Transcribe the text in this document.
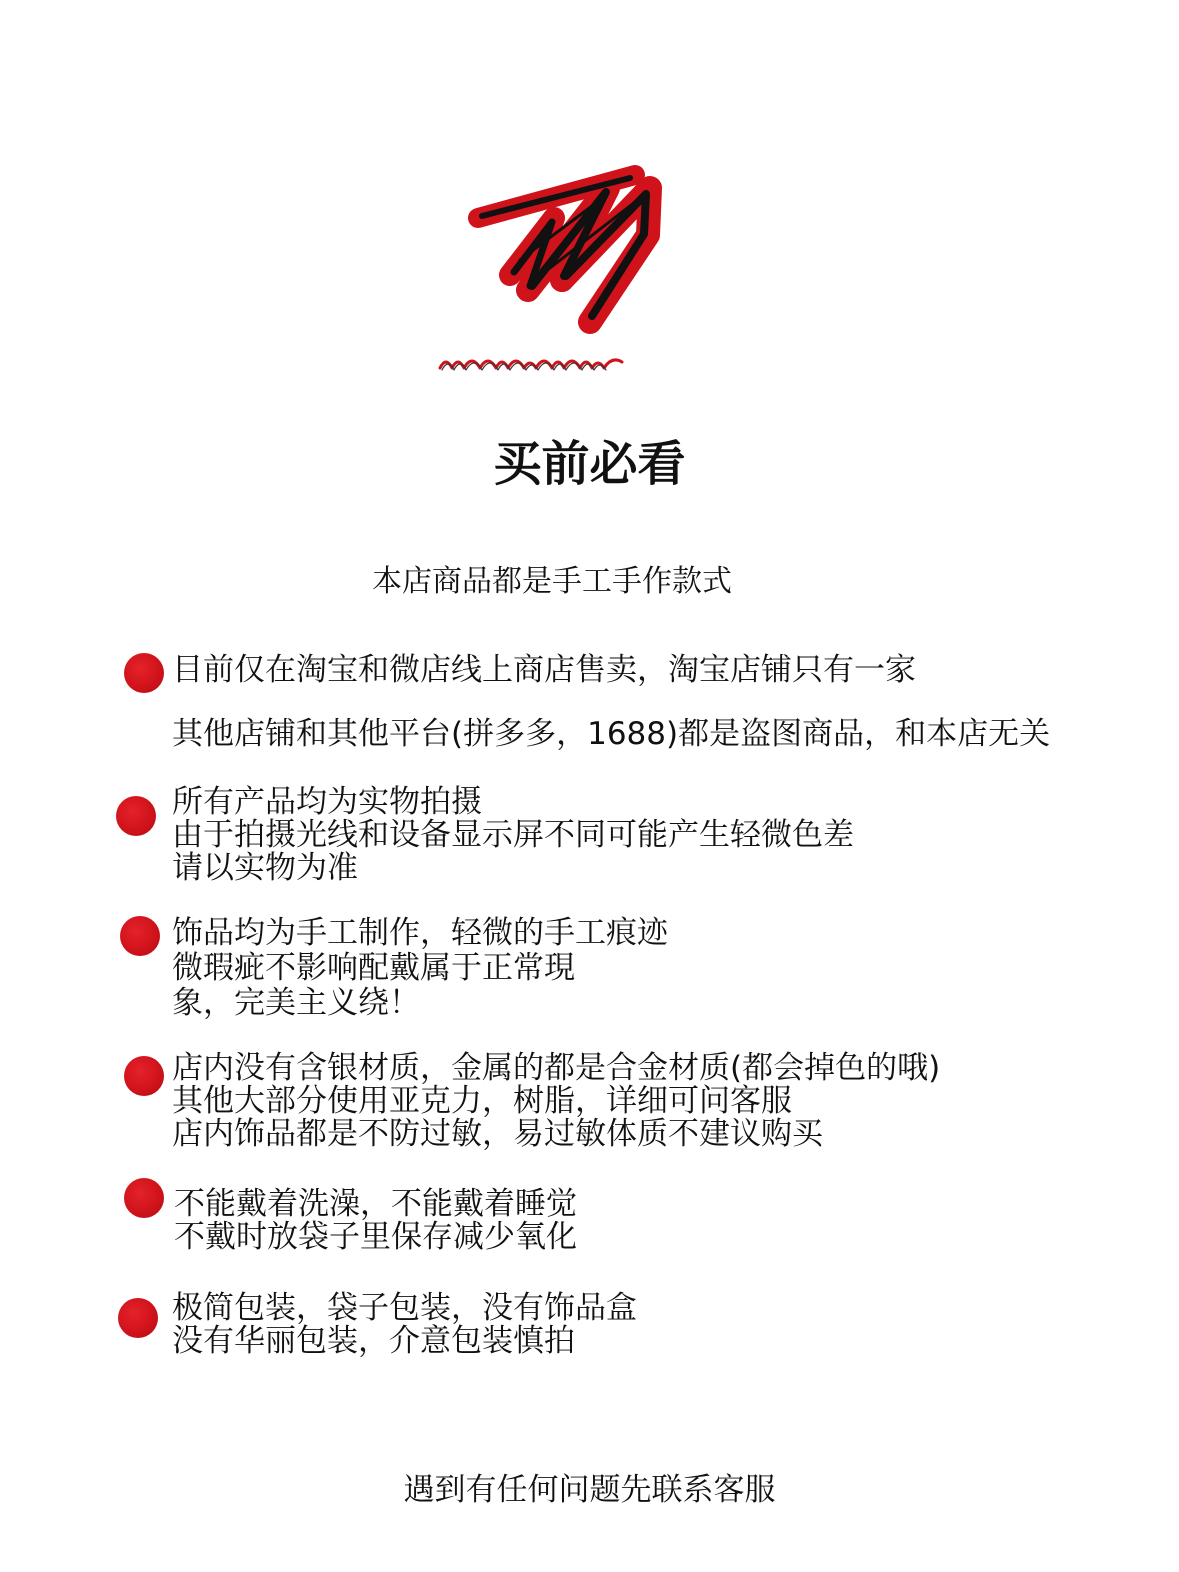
买前必看
本店商品都是手工手作款式
目前仅在淘宝和微店线上商店售卖，淘宝店铺只有一家
其他店铺和其他平台(拼多多，1688)都是盗图商品，和本店无关
所有产品均为实物拍摄
由于拍摄光线和设备显示屏不同可能产生轻微色差
请以实物为准
饰品均为手工制作，轻微的手工痕迹
微瑕疵不影响配戴属于正常現
象，完美主义绕！
店内没有含银材质，金属的都是合金材质(都会掉色的哦)
其他大部分使用亚克力，树脂，详细可问客服
店内饰品都是不防过敏，易过敏体质不建议购买
不能戴着洗澡，不能戴着睡觉
不戴时放袋子里保存减少氧化
极简包装，袋子包装，没有饰品盒
没有华丽包装，介意包装慎拍
遇到有任何问题先联系客服
